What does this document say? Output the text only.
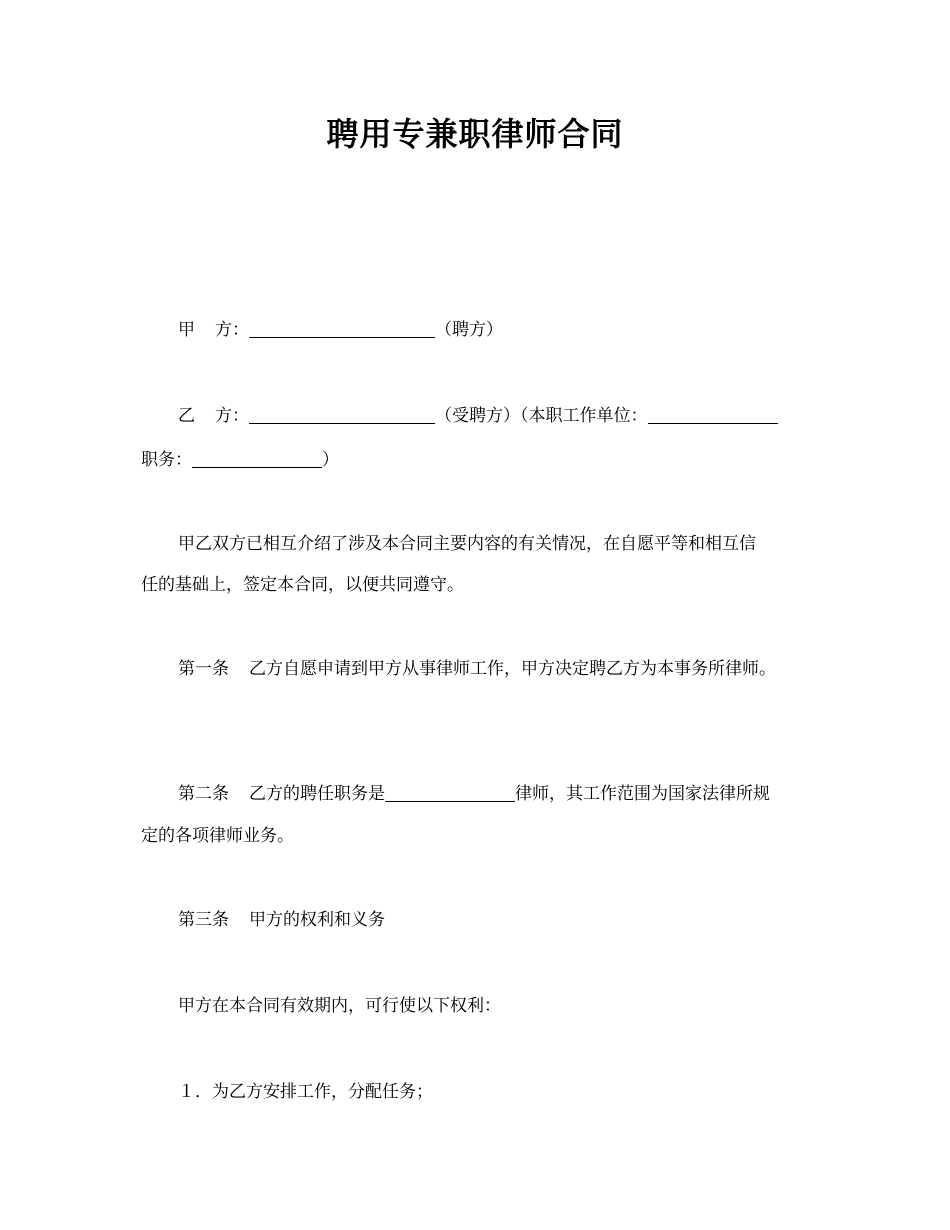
聘用专兼职律师合同
甲 方：	（聘方）
乙 方：	（受聘方）（本职工作单位：
职务：	）
甲乙双方已相互介绍了涉及本合同主要内容的有关情况，在自愿平等和相互信
任的基础上，签定本合同，以便共同遵守。
第一条 乙方自愿申请到甲方从事律师工作，甲方决定聘乙方为本事务所律师。
第二条 乙方的聘任职务是	律师，其工作范围为国家法律所规
定的各项律师业务。
第三条 甲方的权利和义务
甲方在本合同有效期内，可行使以下权利：
１．为乙方安排工作，分配任务；
